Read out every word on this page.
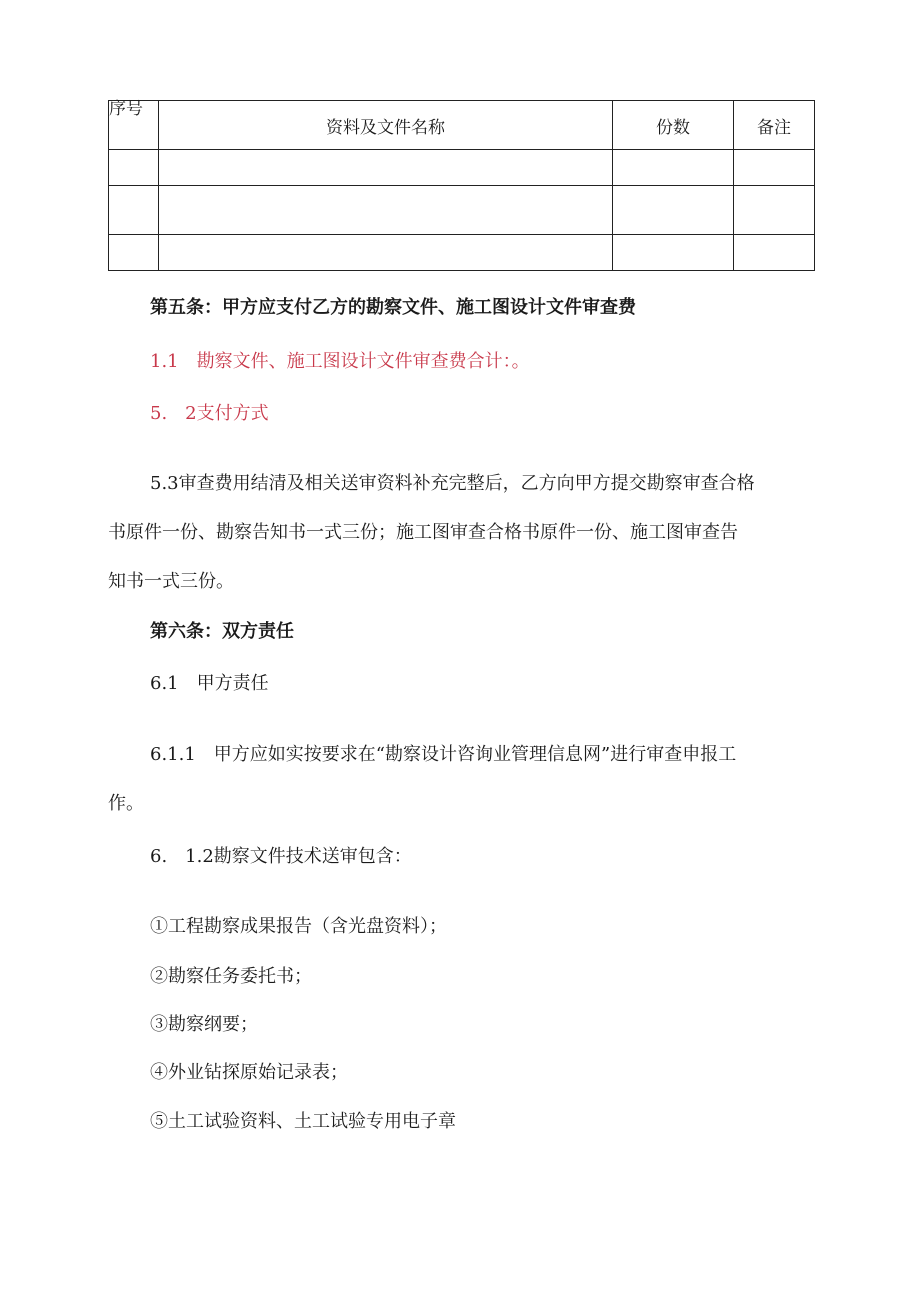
序号	资料及文件名称	份数	备注

第五条：甲方应支付乙方的勘察文件、施工图设计文件审查费
1.1　勘察文件、施工图设计文件审查费合计：。
5.　2支付方式
5.3审查费用结清及相关送审资料补充完整后，乙方向甲方提交勘察审查合格
书原件一份、勘察告知书一式三份；施工图审查合格书原件一份、施工图审查告
知书一式三份。
第六条：双方责任
6.1　甲方责任
6.1.1　甲方应如实按要求在“勘察设计咨询业管理信息网”进行审查申报工
作。
6.　1.2勘察文件技术送审包含：
①工程勘察成果报告（含光盘资料）；
②勘察任务委托书；
③勘察纲要；
④外业钻探原始记录表；
⑤土工试验资料、土工试验专用电子章
